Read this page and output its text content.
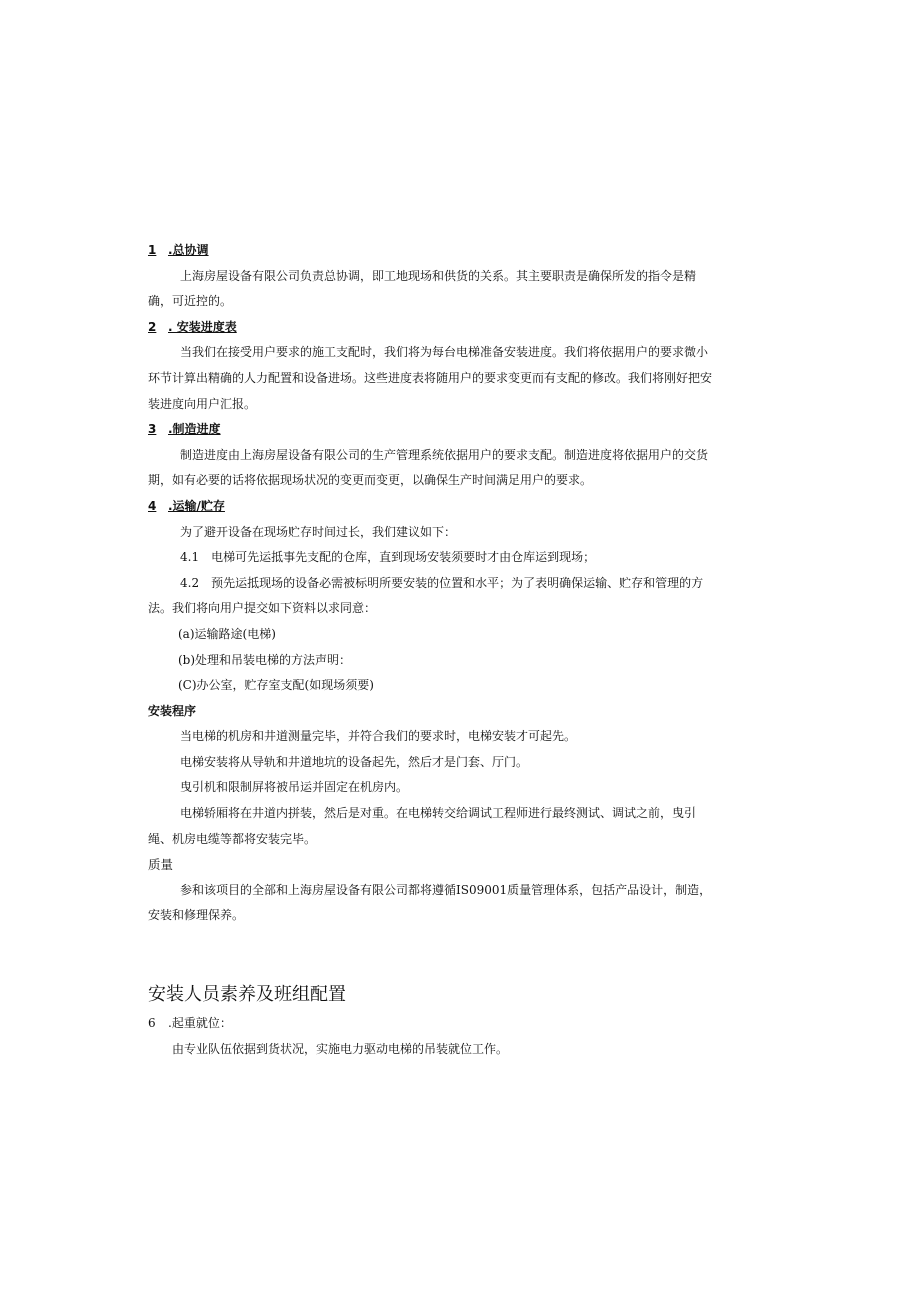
1 .总协调

上海房屋设备有限公司负责总协调，即工地现场和供货的关系。其主要职责是确保所发的指令是精确，可近控的。

2 . 安装进度表

当我们在接受用户要求的施工支配时，我们将为每台电梯准备安装进度。我们将依据用户的要求微小环节计算出精确的人力配置和设备进场。这些进度表将随用户的要求变更而有支配的修改。我们将刚好把安装进度向用户汇报。

3 .制造进度

制造进度由上海房屋设备有限公司的生产管理系统依据用户的要求支配。制造进度将依据用户的交货期，如有必要的话将依据现场状况的变更而变更，以确保生产时间满足用户的要求。

4 .运输/贮存

为了避开设备在现场贮存时间过长，我们建议如下：

4.1　电梯可先运抵事先支配的仓库，直到现场安装须要时才由仓库运到现场；

4.2　预先运抵现场的设备必需被标明所要安装的位置和水平；为了表明确保运输、贮存和管理的方法。我们将向用户提交如下资料以求同意：

(a)运输路途(电梯)

(b)处理和吊装电梯的方法声明：

(C)办公室，贮存室支配(如现场须要)

安装程序

当电梯的机房和井道测量完毕，并符合我们的要求时，电梯安装才可起先。

电梯安装将从导轨和井道地坑的设备起先，然后才是门套、厅门。

曳引机和限制屏将被吊运并固定在机房内。

电梯轿厢将在井道内拼装，然后是对重。在电梯转交给调试工程师进行最终测试、调试之前，曳引绳、机房电缆等都将安装完毕。

质量

参和该项目的全部和上海房屋设备有限公司都将遵循IS09001质量管理体系，包括产品设计，制造，安装和修理保养。

安装人员素养及班组配置

6 .起重就位：

由专业队伍依据到货状况，实施电力驱动电梯的吊装就位工作。
